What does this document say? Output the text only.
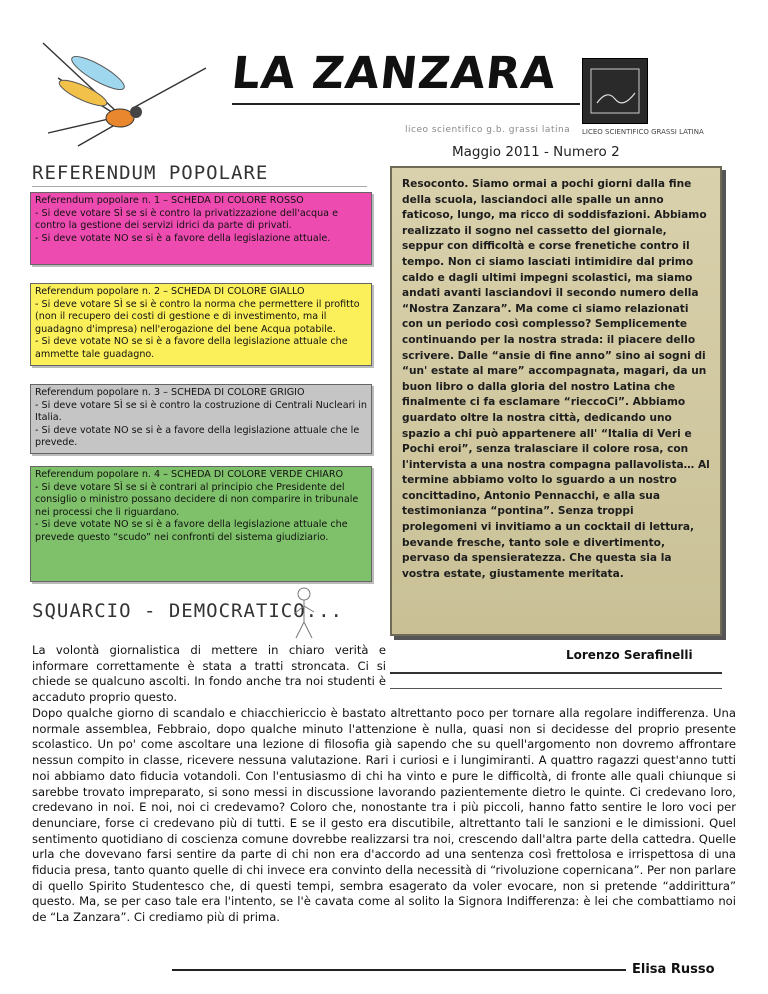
LA ZANZARA
liceo scientifico g.b. grassi latina LICEO SCIENTIFICO GRASSI LATINA
Maggio 2011 - Numero 2
REFERENDUM POPOLARE

Referendum popolare n. 1 – SCHEDA DI COLORE ROSSO

- Si deve votare SÌ se si è contro la privatizzazione dell'acqua e contro la gestione dei servizi idrici da parte di privati.

- Si deve votate NO se si è a favore della legislazione attuale.

Referendum popolare n. 2 – SCHEDA DI COLORE GIALLO

- Si deve votare SÌ se si è contro la norma che permettere il profitto (non il recupero dei costi di gestione e di investimento, ma il guadagno d'impresa) nell'erogazione del bene Acqua potabile.

- Si deve votate NO se si è a favore della legislazione attuale che ammette tale guadagno.

Referendum popolare n. 3 – SCHEDA DI COLORE GRIGIO

- Si deve votare SÌ se si è contro la costruzione di Centrali Nucleari in Italia.

- Si deve votate NO se si è a favore della legislazione attuale che le prevede.

Referendum popolare n. 4 – SCHEDA DI COLORE VERDE CHIARO

- Si deve votare SÌ se si è contrari al principio che Presidente del consiglio o ministro possano decidere di non comparire in tribunale nei processi che li riguardano.

- Si deve votate NO se si è a favore della legislazione attuale che prevede questo “scudo” nei confronti del sistema giudiziario.

Resoconto. Siamo ormai a pochi giorni dalla fine della scuola, lasciandoci alle spalle un anno faticoso, lungo, ma ricco di soddisfazioni. Abbiamo realizzato il sogno nel cassetto del giornale, seppur con difficoltà e corse frenetiche contro il tempo. Non ci siamo lasciati intimidire dal primo caldo e dagli ultimi impegni scolastici, ma siamo andati avanti lasciandovi il secondo numero della “Nostra Zanzara”. Ma come ci siamo relazionati con un periodo così complesso? Semplicemente continuando per la nostra strada: il piacere dello scrivere. Dalle “ansie di fine anno” sino ai sogni di “un' estate al mare” accompagnata, magari, da un buon libro o dalla gloria del nostro Latina che finalmente ci fa esclamare “rieccoCi”. Abbiamo guardato oltre la nostra città, dedicando uno spazio a chi può appartenere all' “Italia di Veri e Pochi eroi”, senza tralasciare il colore rosa, con l'intervista a una nostra compagna pallavolista… Al termine abbiamo volto lo sguardo a un nostro concittadino, Antonio Pennacchi, e alla sua testimonianza “pontina”. Senza troppi prolegomeni vi invitiamo a un cocktail di lettura, bevande fresche, tanto sole e divertimento, pervaso da spensieratezza. Che questa sia la vostra estate, giustamente meritata.

Lorenzo Serafinelli
SQUARCIO - DEMOCRATICO...

La volontà giornalistica di mettere in chiaro verità e informare correttamente è stata a tratti stroncata. Ci si chiede se qualcuno ascolti. In fondo anche tra noi studenti è accaduto proprio questo.

Dopo qualche giorno di scandalo e chiacchiericcio è bastato altrettanto poco per tornare alla regolare indifferenza. Una normale assemblea, Febbraio, dopo qualche minuto l'attenzione è nulla, quasi non si decidesse del proprio presente scolastico. Un po' come ascoltare una lezione di filosofia già sapendo che su quell'argomento non dovremo affrontare nessun compito in classe, ricevere nessuna valutazione. Rari i curiosi e i lungimiranti. A quattro ragazzi quest'anno tutti noi abbiamo dato fiducia votandoli. Con l'entusiasmo di chi ha vinto e pure le difficoltà, di fronte alle quali chiunque si sarebbe trovato impreparato, si sono messi in discussione lavorando pazientemente dietro le quinte. Ci credevano loro, credevano in noi. E noi, noi ci credevamo? Coloro che, nonostante tra i più piccoli, hanno fatto sentire le loro voci per denunciare, forse ci credevano più di tutti. E se il gesto era discutibile, altrettanto tali le sanzioni e le dimissioni. Quel sentimento quotidiano di coscienza comune dovrebbe realizzarsi tra noi, crescendo dall'altra parte della cattedra. Quelle urla che dovevano farsi sentire da parte di chi non era d'accordo ad una sentenza così frettolosa e irrispettosa di una fiducia presa, tanto quanto quelle di chi invece era convinto della necessità di “rivoluzione copernicana”. Per non parlare di quello Spirito Studentesco che, di questi tempi, sembra esagerato da voler evocare, non si pretende “addirittura” questo. Ma, se per caso tale era l'intento, se l'è cavata come al solito la Signora Indifferenza: è lei che combattiamo noi de “La Zanzara”. Ci crediamo più di prima.

Elisa Russo
